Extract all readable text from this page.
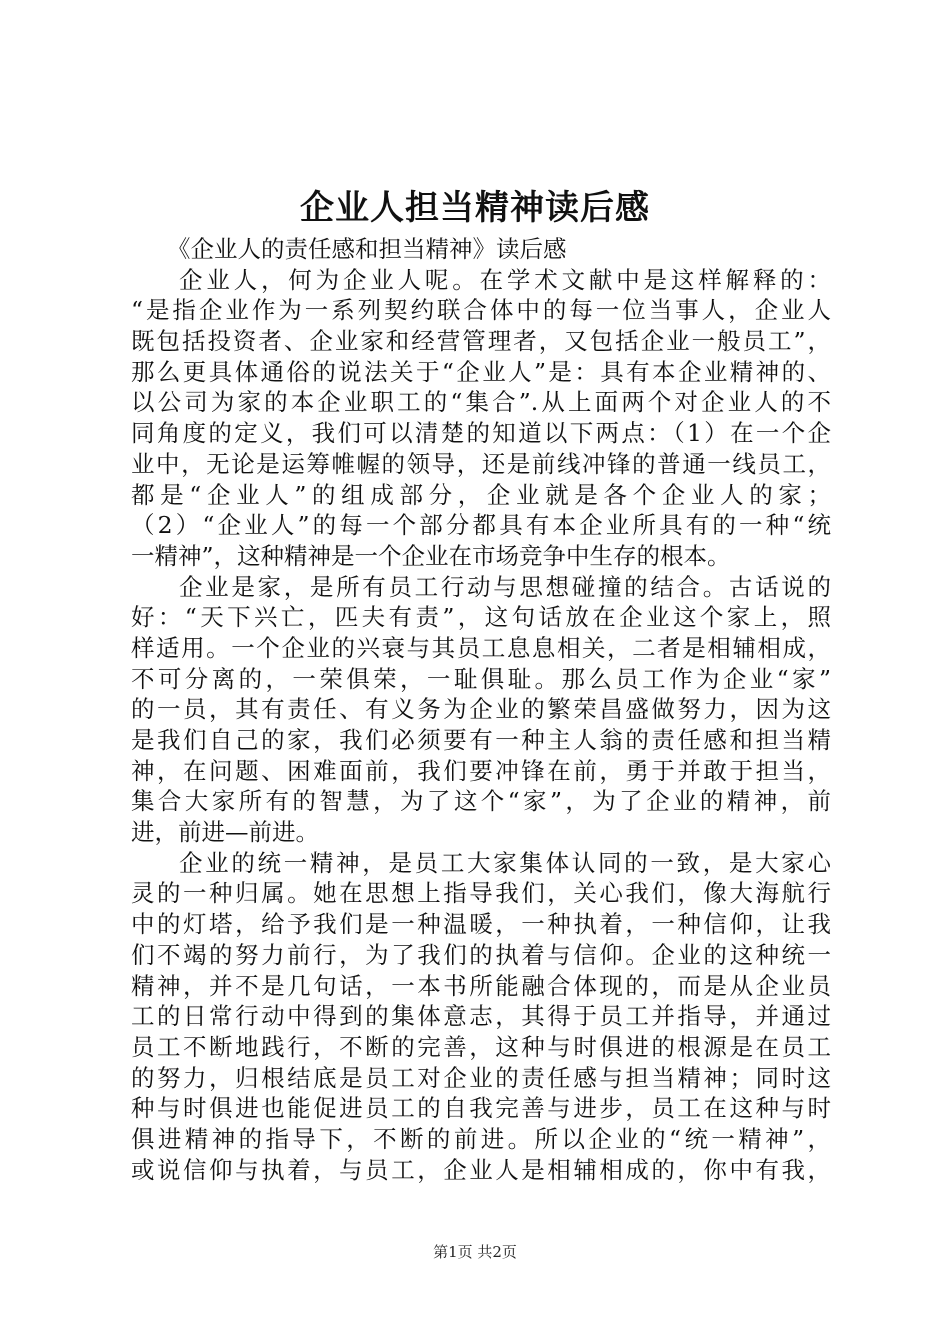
企业人担当精神读后感
《企业人的责任感和担当精神》读后感
企业人，何为企业人呢。在学术文献中是这样解释的：
“是指企业作为一系列契约联合体中的每一位当事人，企业人
既包括投资者、企业家和经营管理者，又包括企业一般员工”，
那么更具体通俗的说法关于“企业人”是：具有本企业精神的、
以公司为家的本企业职工的“集合”.从上面两个对企业人的不
同角度的定义，我们可以清楚的知道以下两点：（1）在一个企
业中，无论是运筹帷幄的领导，还是前线冲锋的普通一线员工，
都是“企业人”的组成部分，企业就是各个企业人的家；
（2）“企业人”的每一个部分都具有本企业所具有的一种“统
一精神”，这种精神是一个企业在市场竞争中生存的根本。
企业是家，是所有员工行动与思想碰撞的结合。古话说的
好：“天下兴亡，匹夫有责”，这句话放在企业这个家上，照
样适用。一个企业的兴衰与其员工息息相关，二者是相辅相成，
不可分离的，一荣俱荣，一耻俱耻。那么员工作为企业“家”
的一员，其有责任、有义务为企业的繁荣昌盛做努力，因为这
是我们自己的家，我们必须要有一种主人翁的责任感和担当精
神，在问题、困难面前，我们要冲锋在前，勇于并敢于担当，
集合大家所有的智慧，为了这个“家”，为了企业的精神，前
进，前进—前进。
企业的统一精神，是员工大家集体认同的一致，是大家心
灵的一种归属。她在思想上指导我们，关心我们，像大海航行
中的灯塔，给予我们是一种温暖，一种执着，一种信仰，让我
们不竭的努力前行，为了我们的执着与信仰。企业的这种统一
精神，并不是几句话，一本书所能融合体现的，而是从企业员
工的日常行动中得到的集体意志，其得于员工并指导，并通过
员工不断地践行，不断的完善，这种与时俱进的根源是在员工
的努力，归根结底是员工对企业的责任感与担当精神；同时这
种与时俱进也能促进员工的自我完善与进步，员工在这种与时
俱进精神的指导下，不断的前进。所以企业的“统一精神”，
或说信仰与执着，与员工，企业人是相辅相成的，你中有我，
第1页 共2页
